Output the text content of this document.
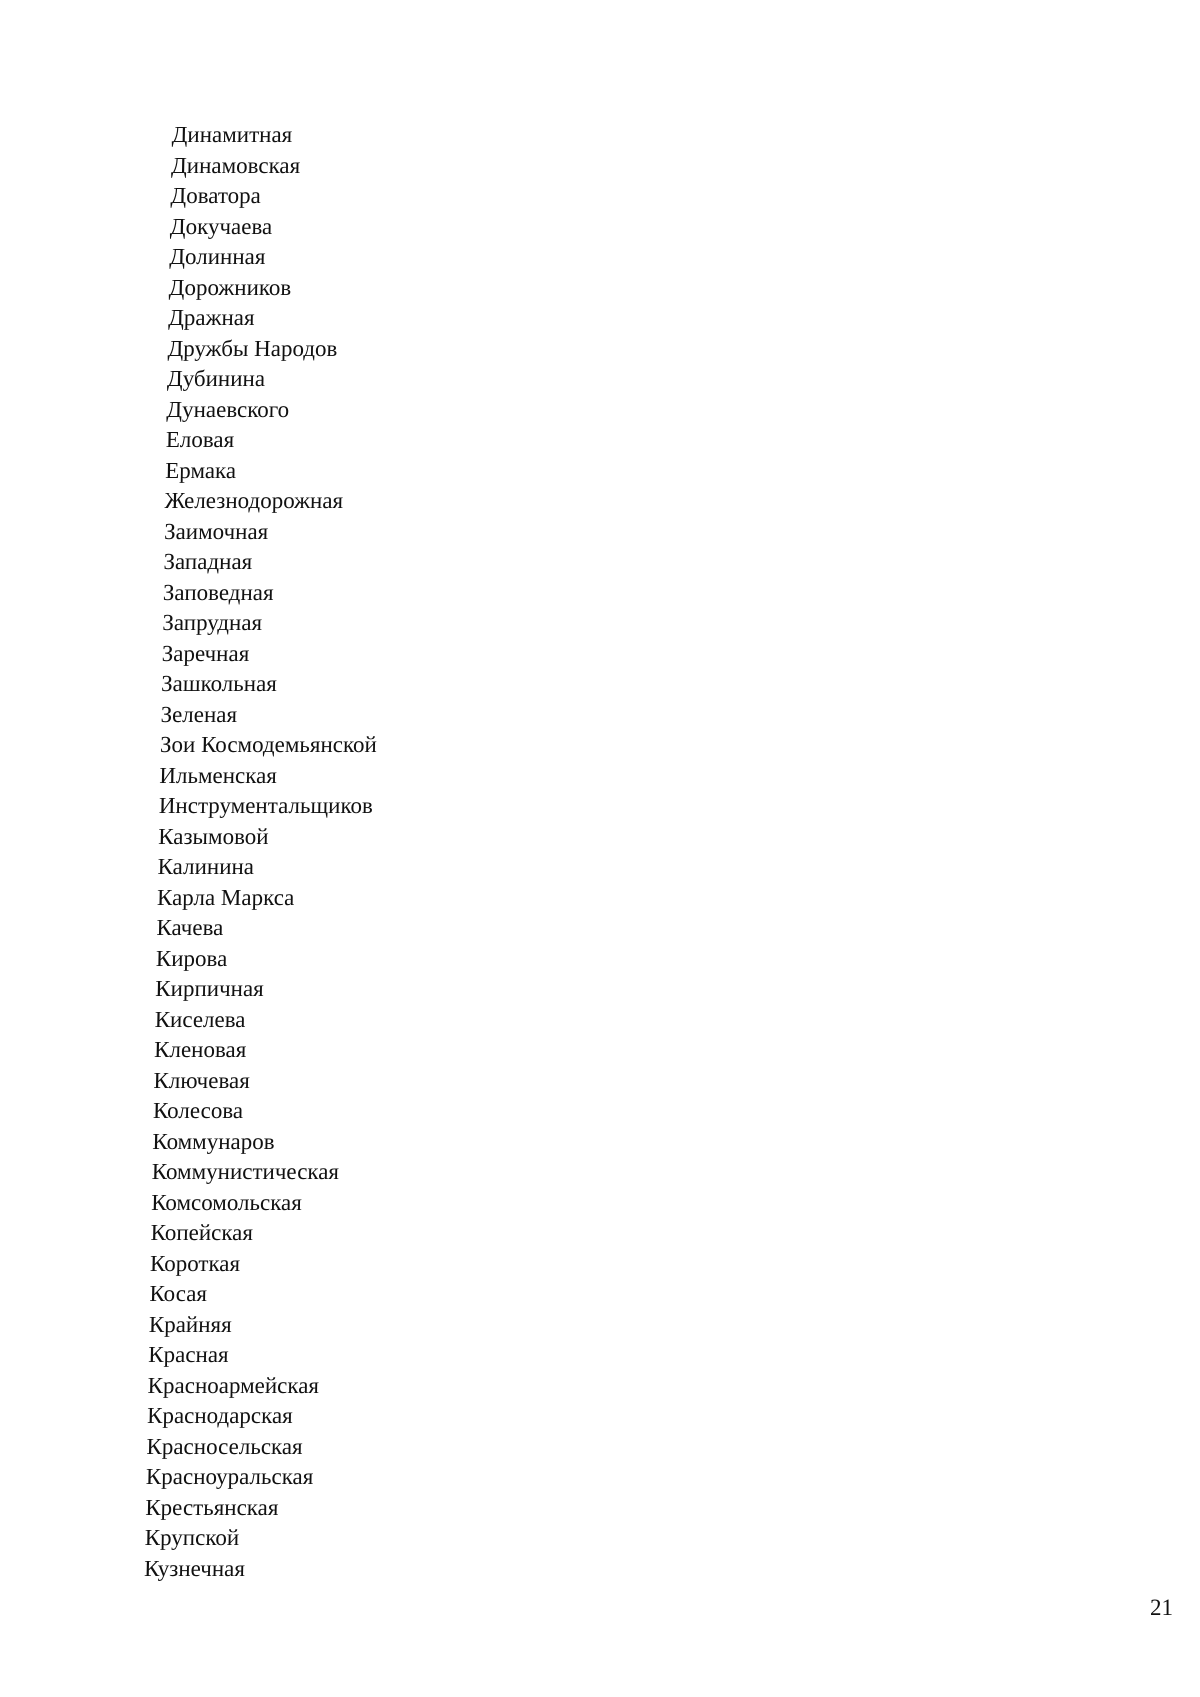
Динамитная
Динамовская
Доватора
Докучаева
Долинная
Дорожников
Дражная
Дружбы Народов
Дубинина
Дунаевского
Еловая
Ермака
Железнодорожная
Заимочная
Западная
Заповедная
Запрудная
Заречная
Зашкольная
Зеленая
Зои Космодемьянской
Ильменская
Инструментальщиков
Казымовой
Калинина
Карла Маркса
Качева
Кирова
Кирпичная
Киселева
Кленовая
Ключевая
Колесова
Коммунаров
Коммунистическая
Комсомольская
Копейская
Короткая
Косая
Крайняя
Красная
Красноармейская
Краснодарская
Красносельская
Красноуральская
Крестьянская
Крупской
Кузнечная
21
